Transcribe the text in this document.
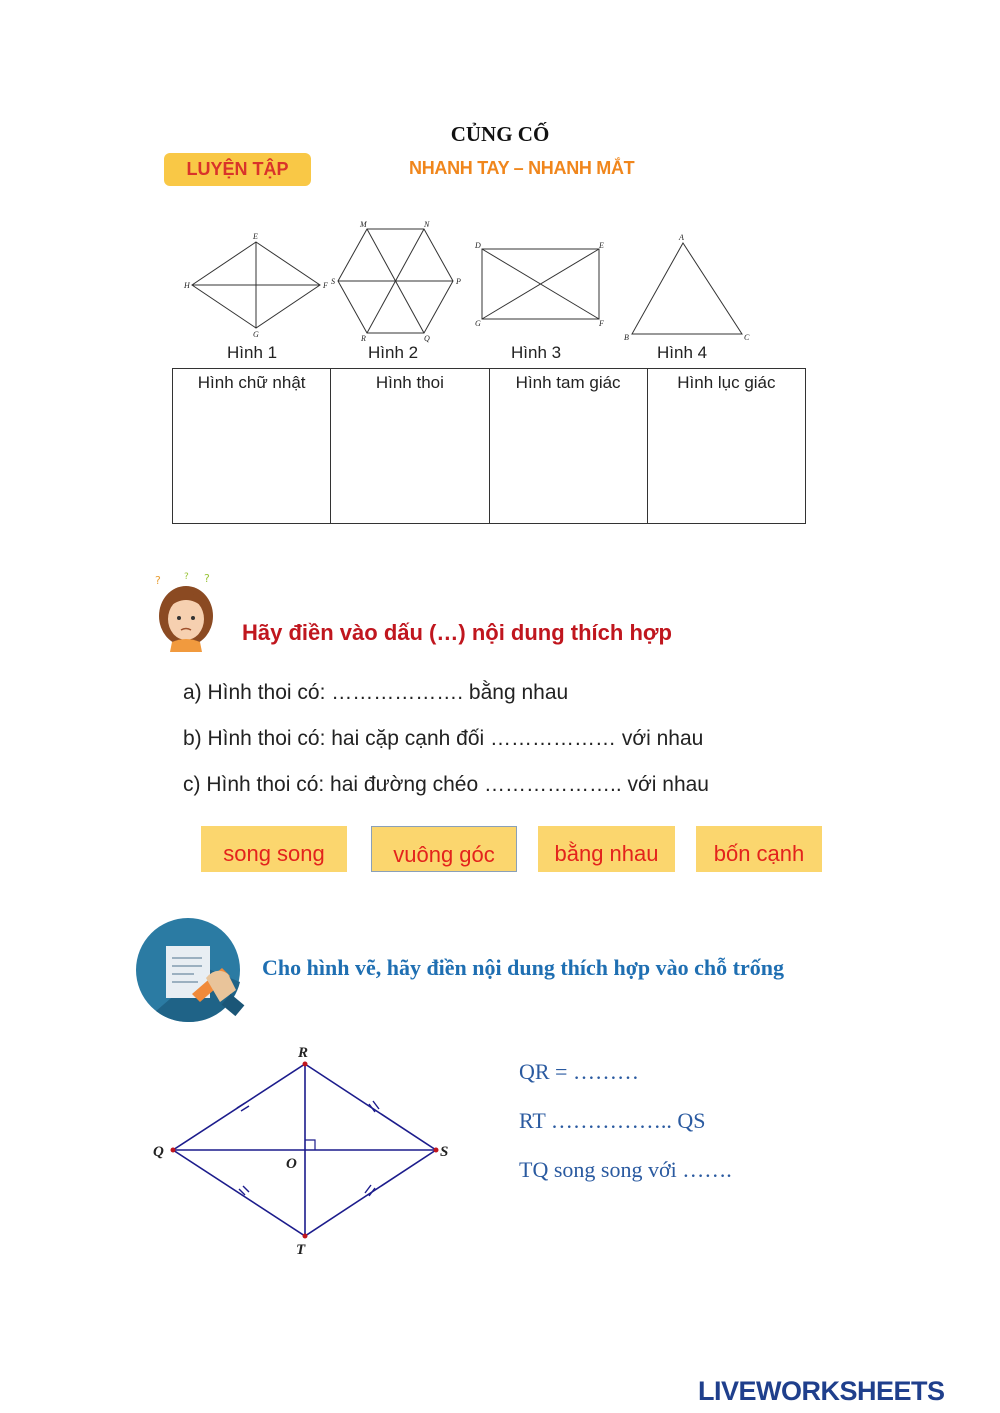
CỦNG CỐ
LUYỆN TẬP	NHANH TAY – NHANH MẮT
E
F
G
H
M	N
P
Q
R
S
D	E
F
G
A
B	C
Hình 1	Hình 2	Hình 3	Hình 4
Hình chữ nhật	Hình thoi	Hình tam giác	Hình lục giác
?	? ?
Hãy điền vào dấu (…) nội dung thích hợp
a) Hình thoi có: ………………. bằng nhau
b) Hình thoi có: hai cặp cạnh đối ……………… với nhau
c) Hình thoi có: hai đường chéo ……………….. với nhau
song song	vuông góc	bằng nhau	bốn cạnh
Cho hình vẽ, hãy điền nội dung thích hợp vào chỗ trống
R
Q	S
T
O
QR = ………
RT …………….. QS
TQ song song với …….
LIVEWORKSHEETS
